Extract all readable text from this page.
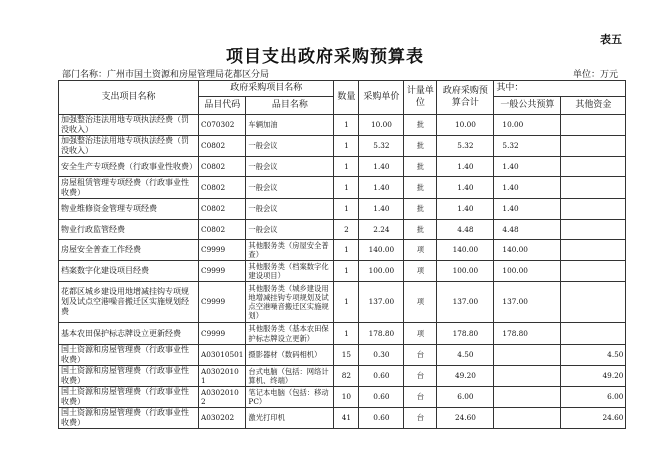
表五
项目支出政府采购预算表
部门名称：广州市国土资源和房屋管理局花都区分局	单位：万元
支出项目名称	政府采购项目名称		数量	采购单价	计量单位	政府采购预算合计	其中：	
	品目代码	品目名称					一般公共预算	其他资金
加强整治违法用地专项执法经费（罚没收入）	C070302	车辆加油	1	10.00	批	10.00	10.00	
加强整治违法用地专项执法经费（罚没收入）	C0802	一般会议	1	5.32	批	5.32	5.32	
安全生产专项经费（行政事业性收费）	C0802	一般会议	1	1.40	批	1.40	1.40	
房屋租赁管理专项经费（行政事业性收费）	C0802	一般会议	1	1.40	批	1.40	1.40	
物业维修资金管理专项经费	C0802	一般会议	1	1.40	批	1.40	1.40	
物业行政监管经费	C0802	一般会议	2	2.24	批	4.48	4.48	
房屋安全普查工作经费	C9999	其他服务类（房屋安全普查）	1	140.00	项	140.00	140.00	
档案数字化建设项目经费	C9999	其他服务类（档案数字化建设项目）	1	100.00	项	100.00	100.00	
花都区城乡建设用地增减挂钩专项规划及试点空港噪音搬迁区实施规划经费	C9999	其他服务类（城乡建设用地增减挂钩专项规划及试点空港噪音搬迁区实施规划）	1	137.00	项	137.00	137.00	
基本农田保护标志牌设立更新经费	C9999	其他服务类（基本农田保护标志牌设立更新）	1	178.80	项	178.80	178.80	
国土资源和房屋管理费（行政事业性收费）	A03010501	摄影器材（数码相机）	15	0.30	台	4.50		4.50
国土资源和房屋管理费（行政事业性收费）	A0302010 1	台式电脑（包括：网络计算机、终端）	82	0.60	台	49.20		49.20
国土资源和房屋管理费（行政事业性收费）	A0302010 2	笔记本电脑（包括：移动PC）	10	0.60	台	6.00		6.00
国土资源和房屋管理费（行政事业性收费）	A030202	激光打印机	41	0.60	台	24.60		24.60
